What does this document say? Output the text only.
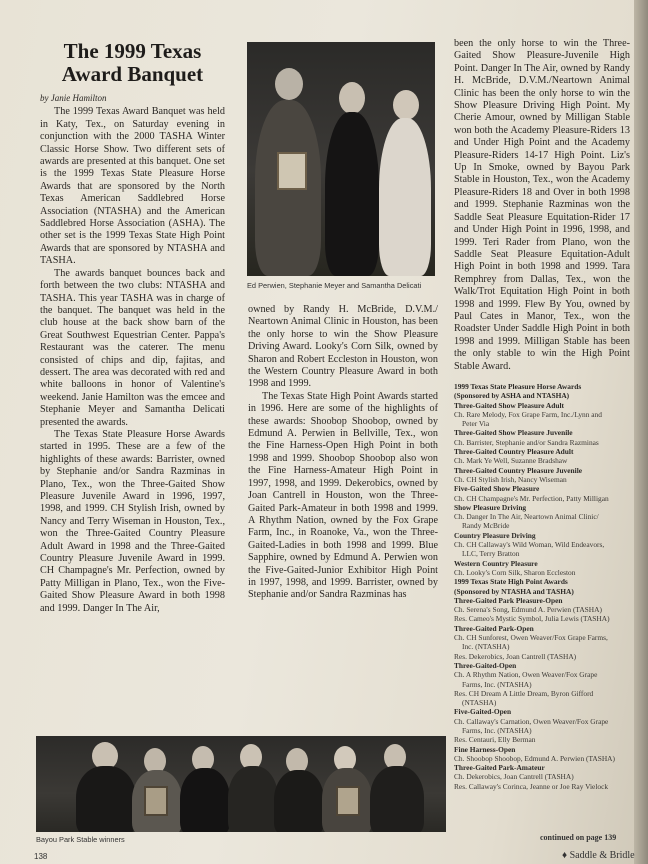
The 1999 Texas
Award Banquet
by Janie Hamilton

The 1999 Texas Award Banquet was held in Katy, Tex., on Saturday evening in conjunction with the 2000 TASHA Winter Classic Horse Show. Two different sets of awards are presented at this banquet. One set is the 1999 Texas State Pleasure Horse Awards that are sponsored by the North Texas American Saddlebred Horse Association (NTASHA) and the American Saddlebred Horse Association (ASHA). The other set is the 1999 Texas State High Point Awards that are sponsored by NTASHA and TASHA.

The awards banquet bounces back and forth between the two clubs: NTASHA and TASHA. This year TASHA was in charge of the banquet. The banquet was held in the club house at the back show barn of the Great Southwest Equestrian Center. Pappa's Restaurant was the caterer. The menu consisted of chips and dip, fajitas, and dessert. The area was decorated with red and white balloons in honor of Valentine's weekend. Janie Hamilton was the emcee and Stephanie Meyer and Samantha Delicati presented the awards.

The Texas State Pleasure Horse Awards started in 1995. These are a few of the highlights of these awards: Barrister, owned by Stephanie and/or Sandra Razminas in Plano, Tex., won the Three-Gaited Show Pleasure Juvenile Award in 1996, 1997, 1998, and 1999. CH Stylish Irish, owned by Nancy and Terry Wiseman in Houston, Tex., won the Three-Gaited Country Pleasure Adult Award in 1998 and the Three-Gaited Country Pleasure Juvenile Award in 1999. CH Champagne's Mr. Perfection, owned by Patty Milligan in Plano, Tex., won the Five-Gaited Show Pleasure Award in both 1998 and 1999. Danger In The Air,

Ed Perwien, Stephanie Meyer and Samantha Delicati

owned by Randy H. McBride, D.V.M./ Neartown Animal Clinic in Houston, has been the only horse to win the Show Pleasure Driving Award. Looky's Corn Silk, owned by Sharon and Robert Eccleston in Houston, won the Western Country Pleasure Award in both 1998 and 1999.

The Texas State High Point Awards started in 1996. Here are some of the highlights of these awards: Shoobop Shoobop, owned by Edmund A. Perwien in Bellville, Tex., won the Fine Harness-Open High Point in both 1998 and 1999. Shoobop Shoobop also won the Fine Harness-Amateur High Point in 1997, 1998, and 1999. Dekerobics, owned by Joan Cantrell in Houston, won the Three-Gaited Park-Amateur in both 1998 and 1999. A Rhythm Nation, owned by the Fox Grape Farm, Inc., in Roanoke, Va., won the Three-Gaited-Ladies in both 1998 and 1999. Blue Sapphire, owned by Edmund A. Perwien won the Five-Gaited-Junior Exhibitor High Point in 1997, 1998, and 1999. Barrister, owned by Stephanie and/or Sandra Razminas has

been the only horse to win the Three-Gaited Show Pleasure-Juvenile High Point. Danger In The Air, owned by Randy H. McBride, D.V.M./Neartown Animal Clinic has been the only horse to win the Show Pleasure Driving High Point. My Cherie Amour, owned by Milligan Stable won both the Academy Pleasure-Riders 13 and Under High Point and the Academy Pleasure-Riders 14-17 High Point. Liz's Up In Smoke, owned by Bayou Park Stable in Houston, Tex., won the Academy Pleasure-Riders 18 and Over in both 1998 and 1999. Stephanie Razminas won the Saddle Seat Pleasure Equitation-Rider 17 and Under High Point in 1996, 1998, and 1999. Teri Rader from Plano, won the Saddle Seat Pleasure Equitation-Adult High Point in both 1998 and 1999. Tara Remphrey from Dallas, Tex., won the Walk/Trot Equitation High Point in both 1998 and 1999. Flew By You, owned by Paul Cates in Manor, Tex., won the Roadster Under Saddle High Point in both 1998 and 1999. Milligan Stable has been the only stable to win the High Point Stable Award.

1999 Texas State Pleasure Horse Awards
(Sponsored by ASHA and NTASHA)
Three-Gaited Show Pleasure Adult
Ch. Rare Melody, Fox Grape Farm, Inc./Lynn and
Peter Via
Three-Gaited Show Pleasure Juvenile
Ch. Barrister, Stephanie and/or Sandra Razminas
Three-Gaited Country Pleasure Adult
Ch. Mark Ye Well, Suzanne Bradshaw
Three-Gaited Country Pleasure Juvenile
Ch. CH Stylish Irish, Nancy Wiseman
Five-Gaited Show Pleasure
Ch. CH Champagne's Mr. Perfection, Patty Milligan
Show Pleasure Driving
Ch. Danger In The Air, Neartown Animal Clinic/
Randy McBride
Country Pleasure Driving
Ch. CH Callaway's Wild Woman, Wild Endeavors,
LLC, Terry Bratton
Western Country Pleasure
Ch. Looky's Corn Silk, Sharon Eccleston
1999 Texas State High Point Awards
(Sponsored by NTASHA and TASHA)
Three-Gaited Park Pleasure-Open
Ch. Serena's Song, Edmund A. Perwien (TASHA)
Res. Cameo's Mystic Symbol, Julia Lewis (TASHA)
Three-Gaited Park-Open
Ch. CH Sunforest, Owen Weaver/Fox Grape Farms,
Inc. (NTASHA)
Res. Dekerobics, Joan Cantrell (TASHA)
Three-Gaited-Open
Ch. A Rhythm Nation, Owen Weaver/Fox Grape
Farms, Inc. (NTASHA)
Res. CH Dream A Little Dream, Byron Gifford
(NTASHA)
Five-Gaited-Open
Ch. Callaway's Carnation, Owen Weaver/Fox Grape
Farms, Inc. (NTASHA)
Res. Centauri, Elly Berman
Fine Harness-Open
Ch. Shoobop Shoobop, Edmund A. Perwien (TASHA)
Three-Gaited Park-Amateur
Ch. Dekerobics, Joan Cantrell (TASHA)
Res. Callaway's Corinca, Jeanne or Joe Ray Vielock
Bayou Park Stable winners	continued on page 139
138	♦ Saddle & Bridle
